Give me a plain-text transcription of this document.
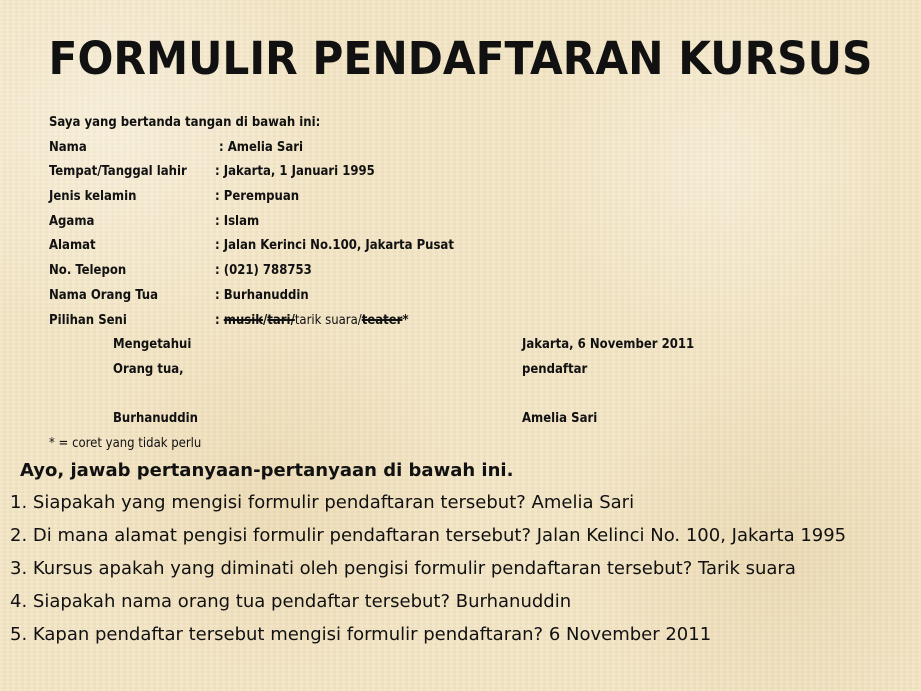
FORMULIR PENDAFTARAN KURSUS
Saya yang bertanda tangan di bawah ini:
Nama	: Amelia Sari
Tempat/Tanggal lahir : Jakarta, 1 Januari 1995
Jenis kelamin	: Perempuan
Agama	: Islam
Alamat	: Jalan Kerinci No.100, Jakarta Pusat
No. Telepon	: (021) 788753
Nama Orang Tua	: Burhanuddin
Pilihan Seni	: musik/tari/tarik suara/teater*
Mengetahui	Jakarta, 6 November 2011
Orang tua,	pendaftar
Burhanuddin	Amelia Sari
* = coret yang tidak perlu
Ayo, jawab pertanyaan-pertanyaan di bawah ini.
1. Siapakah yang mengisi formulir pendaftaran tersebut? Amelia Sari
2. Di mana alamat pengisi formulir pendaftaran tersebut? Jalan Kelinci No. 100, Jakarta 1995
3. Kursus apakah yang diminati oleh pengisi formulir pendaftaran tersebut? Tarik suara
4. Siapakah nama orang tua pendaftar tersebut? Burhanuddin
5. Kapan pendaftar tersebut mengisi formulir pendaftaran? 6 November 2011
